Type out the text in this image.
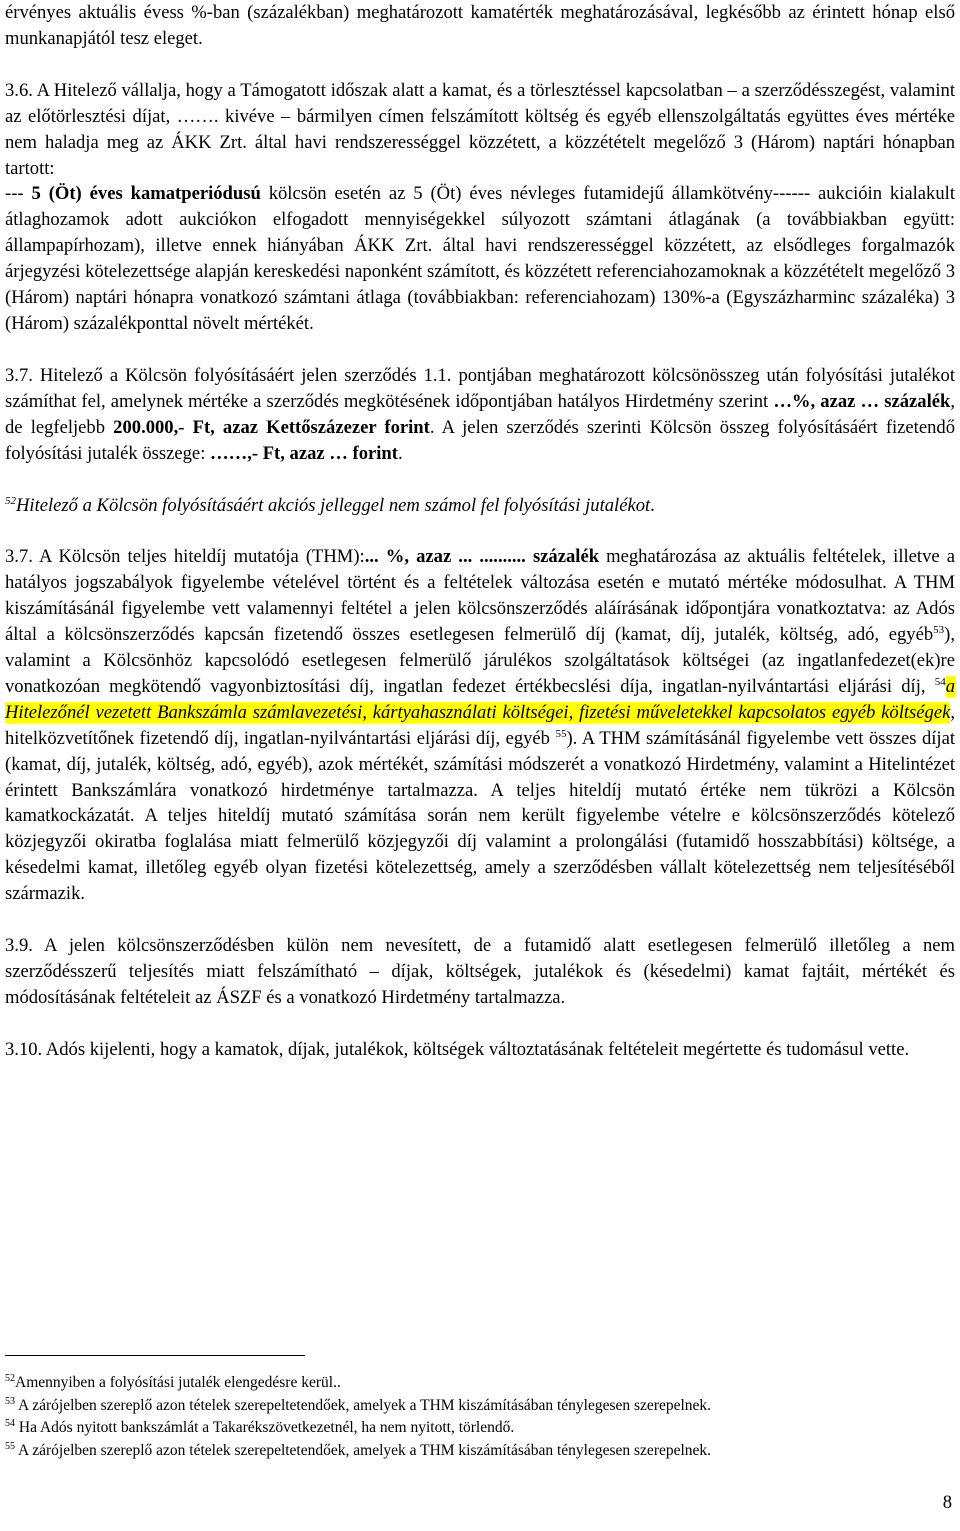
érvényes aktuális évess %-ban (százalékban) meghatározott kamatérték meghatározásával, legkésőbb az érintett hónap első munkanapjától tesz eleget.

3.6. A Hitelező vállalja, hogy a Támogatott időszak alatt a kamat, és a törlesztéssel kapcsolatban – a szerződésszegést, valamint az előtörlesztési díjat, ……. kivéve – bármilyen címen felszámított költség és egyéb ellenszolgáltatás együttes éves mértéke nem haladja meg az ÁKK Zrt. által havi rendszerességgel közzétett, a közzétételt megelőző 3 (Három) naptári hónapban tartott:
--- 5 (Öt) éves kamatperiódusú kölcsön esetén az 5 (Öt) éves névleges futamidejű államkötvény------ aukcióin kialakult átlaghozamok adott aukciókon elfogadott mennyiségekkel súlyozott számtani átlagának (a továbbiakban együtt: állampapírhozam), illetve ennek hiányában ÁKK Zrt. által havi rendszerességgel közzétett, az elsődleges forgalmazók árjegyzési kötelezettsége alapján kereskedési naponként számított, és közzétett referenciahozamoknak a közzétételt megelőző 3 (Három) naptári hónapra vonatkozó számtani átlaga (továbbiakban: referenciahozam) 130%-a (Egyszázharminc százaléka) 3 (Három) százalékponttal növelt mértékét.

3.7. Hitelező a Kölcsön folyósításáért jelen szerződés 1.1. pontjában meghatározott kölcsönösszeg után folyósítási jutalékot számíthat fel, amelynek mértéke a szerződés megkötésének időpontjában hatályos Hirdetmény szerint …%, azaz … százalék, de legfeljebb 200.000,- Ft, azaz Kettőszázezer forint. A jelen szerződés szerinti Kölcsön összeg folyósításáért fizetendő folyósítási jutalék összege: ……,- Ft, azaz … forint.

$^{52}$Hitelező a Kölcsön folyósításáért akciós jelleggel nem számol fel folyósítási jutalékot.

3.7. A Kölcsön teljes hiteldíj mutatója (THM):... %, azaz ... .......... százalék meghatározása az aktuális feltételek, illetve a hatályos jogszabályok figyelembe vételével történt és a feltételek változása esetén e mutató mértéke módosulhat. A THM kiszámításánál figyelembe vett valamennyi feltétel a jelen kölcsönszerződés aláírásának időpontjára vonatkoztatva: az Adós által a kölcsönszerződés kapcsán fizetendő összes esetlegesen felmerülő díj (kamat, díj, jutalék, költség, adó, egyéb$^{53}$), valamint a Kölcsönhöz kapcsolódó esetlegesen felmerülő járulékos szolgáltatások költségei (az ingatlanfedezet(ek)re vonatkozóan megkötendő vagyonbiztosítási díj, ingatlan fedezet értékbecslési díja, ingatlan-nyilvántartási eljárási díj, $^{54}$a Hitelezőnél vezetett Bankszámla számlavezetési, kártyahasználati költségei, fizetési műveletekkel kapcsolatos egyéb költségek, hitelközvetítőnek fizetendő díj, ingatlan-nyilvántartási eljárási díj, egyéb $^{55}$). A THM számításánál figyelembe vett összes díjat (kamat, díj, jutalék, költség, adó, egyéb), azok mértékét, számítási módszerét a vonatkozó Hirdetmény, valamint a Hitelintézet érintett Bankszámlára vonatkozó hirdetménye tartalmazza. A teljes hiteldíj mutató értéke nem tükrözi a Kölcsön kamatkockázatát. A teljes hiteldíj mutató számítása során nem került figyelembe vételre e kölcsönszerződés kötelező közjegyzői okiratba foglalása miatt felmerülő közjegyzői díj valamint a prolongálási (futamidő hosszabbítási) költsége, a késedelmi kamat, illetőleg egyéb olyan fizetési kötelezettség, amely a szerződésben vállalt kötelezettség nem teljesítéséből származik.

3.9. A jelen kölcsönszerződésben külön nem nevesített, de a futamidő alatt esetlegesen felmerülő illetőleg a nem szerződésszerű teljesítés miatt felszámítható – díjak, költségek, jutalékok és (késedelmi) kamat fajtáit, mértékét és módosításának feltételeit az ÁSZF és a vonatkozó Hirdetmény tartalmazza.

3.10. Adós kijelenti, hogy a kamatok, díjak, jutalékok, költségek változtatásának feltételeit megértette és tudomásul vette.

$^{52}$Amennyiben a folyósítási jutalék elengedésre kerül..
$^{53}$ A zárójelben szereplő azon tételek szerepeltetendőek, amelyek a THM kiszámításában ténylegesen szerepelnek.
$^{54}$ Ha Adós nyitott bankszámlát a Takarékszövetkezetnél, ha nem nyitott, törlendő.
$^{55}$ A zárójelben szereplő azon tételek szerepeltetendőek, amelyek a THM kiszámításában ténylegesen szerepelnek.
8
